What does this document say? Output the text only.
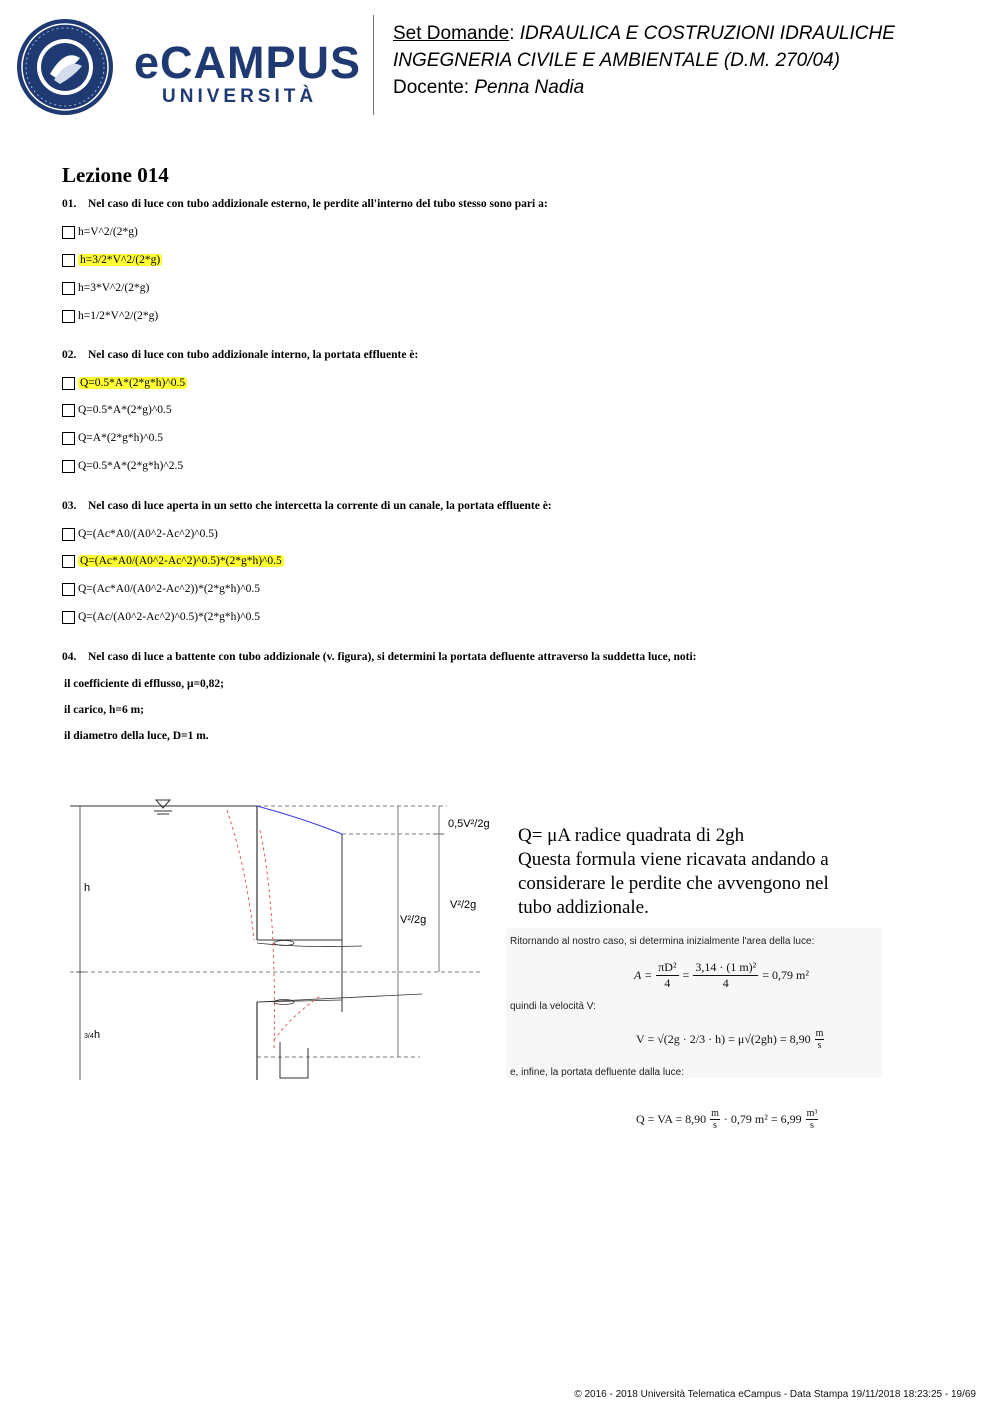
eCAMPUS
UNIVERSITÀ
Set Domande: IDRAULICA E COSTRUZIONI IDRAULICHE
INGEGNERIA CIVILE E AMBIENTALE (D.M. 270/04)
Docente: Penna Nadia
Lezione 014
01. Nel caso di luce con tubo addizionale esterno, le perdite all'interno del tubo stesso sono pari a:
h=V^2/(2*g)
h=3/2*V^2/(2*g)
h=3*V^2/(2*g)
h=1/2*V^2/(2*g)
02. Nel caso di luce con tubo addizionale interno, la portata effluente è:
Q=0.5*A*(2*g*h)^0.5
Q=0.5*A*(2*g)^0.5
Q=A*(2*g*h)^0.5
Q=0.5*A*(2*g*h)^2.5
03. Nel caso di luce aperta in un setto che intercetta la corrente di un canale, la portata effluente è:
Q=(Ac*A0/(A0^2-Ac^2)^0.5)
Q=(Ac*A0/(A0^2-Ac^2)^0.5)*(2*g*h)^0.5
Q=(Ac*A0/(A0^2-Ac^2))*(2*g*h)^0.5
Q=(Ac/(A0^2-Ac^2)^0.5)*(2*g*h)^0.5
04. Nel caso di luce a battente con tubo addizionale (v. figura), si determini la portata defluente attraverso la suddetta luce, noti:
il coefficiente di efflusso, μ=0,82;
il carico, h=6 m;
il diametro della luce, D=1 m.
h
3/4 h
0,5V²/2g
V²/2g
V²/2g
Q= μA radice quadrata di 2gh
Questa formula viene ricavata andando a
considerare le perdite che avvengono nel
tubo addizionale.
Ritornando al nostro caso, si determina inizialmente l'area della luce:
$A = \frac{\text{πD²}}{4} = \frac{\text{3,14 · (1 m)²}}{4} = 0,79$ m²
quindi la velocità V:
$V = √(2g \cdot 2/3 \cdot h) = \mu√(2gh) = 8,90 \frac{m}{s}$
e, infine, la portata defluente dalla luce:
Q = VA = $8,90 \frac{m}{s} \cdot 0,79$ $m^2 = 6,99 \frac{\text{m³}}{s}$
© 2016 - 2018 Università Telematica eCampus - Data Stampa 19/11/2018 18:23:25 - 19/69
